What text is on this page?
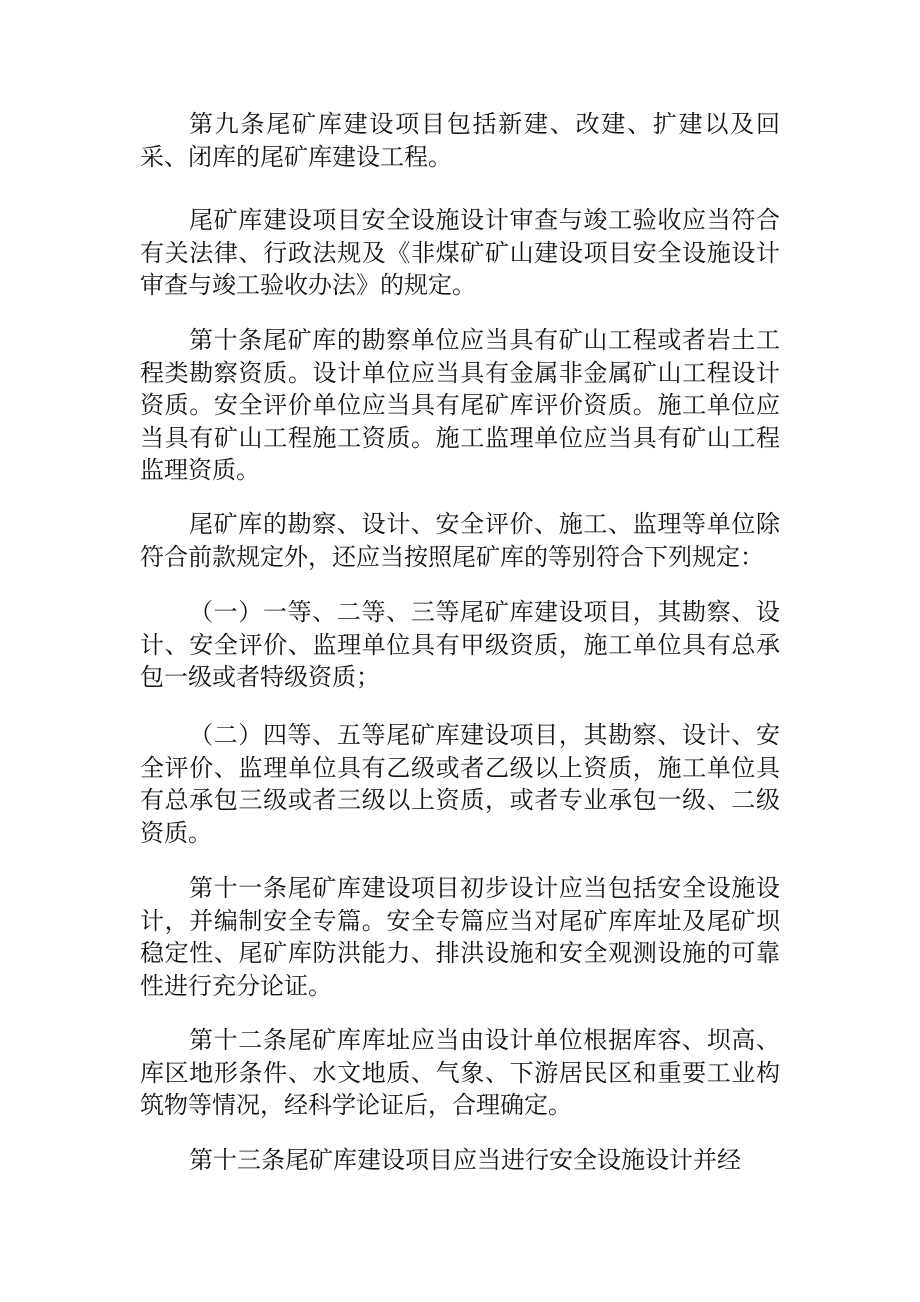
第九条尾矿库建设项目包括新建、改建、扩建以及回采、闭库的尾矿库建设工程。

尾矿库建设项目安全设施设计审查与竣工验收应当符合有关法律、行政法规及《非煤矿矿山建设项目安全设施设计审查与竣工验收办法》的规定。

第十条尾矿库的勘察单位应当具有矿山工程或者岩土工程类勘察资质。设计单位应当具有金属非金属矿山工程设计资质。安全评价单位应当具有尾矿库评价资质。施工单位应当具有矿山工程施工资质。施工监理单位应当具有矿山工程监理资质。

尾矿库的勘察、设计、安全评价、施工、监理等单位除符合前款规定外，还应当按照尾矿库的等别符合下列规定：

（一）一等、二等、三等尾矿库建设项目，其勘察、设计、安全评价、监理单位具有甲级资质，施工单位具有总承包一级或者特级资质；

（二）四等、五等尾矿库建设项目，其勘察、设计、安全评价、监理单位具有乙级或者乙级以上资质，施工单位具有总承包三级或者三级以上资质，或者专业承包一级、二级资质。

第十一条尾矿库建设项目初步设计应当包括安全设施设计，并编制安全专篇。安全专篇应当对尾矿库库址及尾矿坝稳定性、尾矿库防洪能力、排洪设施和安全观测设施的可靠性进行充分论证。

第十二条尾矿库库址应当由设计单位根据库容、坝高、库区地形条件、水文地质、气象、下游居民区和重要工业构筑物等情况，经科学论证后，合理确定。

第十三条尾矿库建设项目应当进行安全设施设计并经
